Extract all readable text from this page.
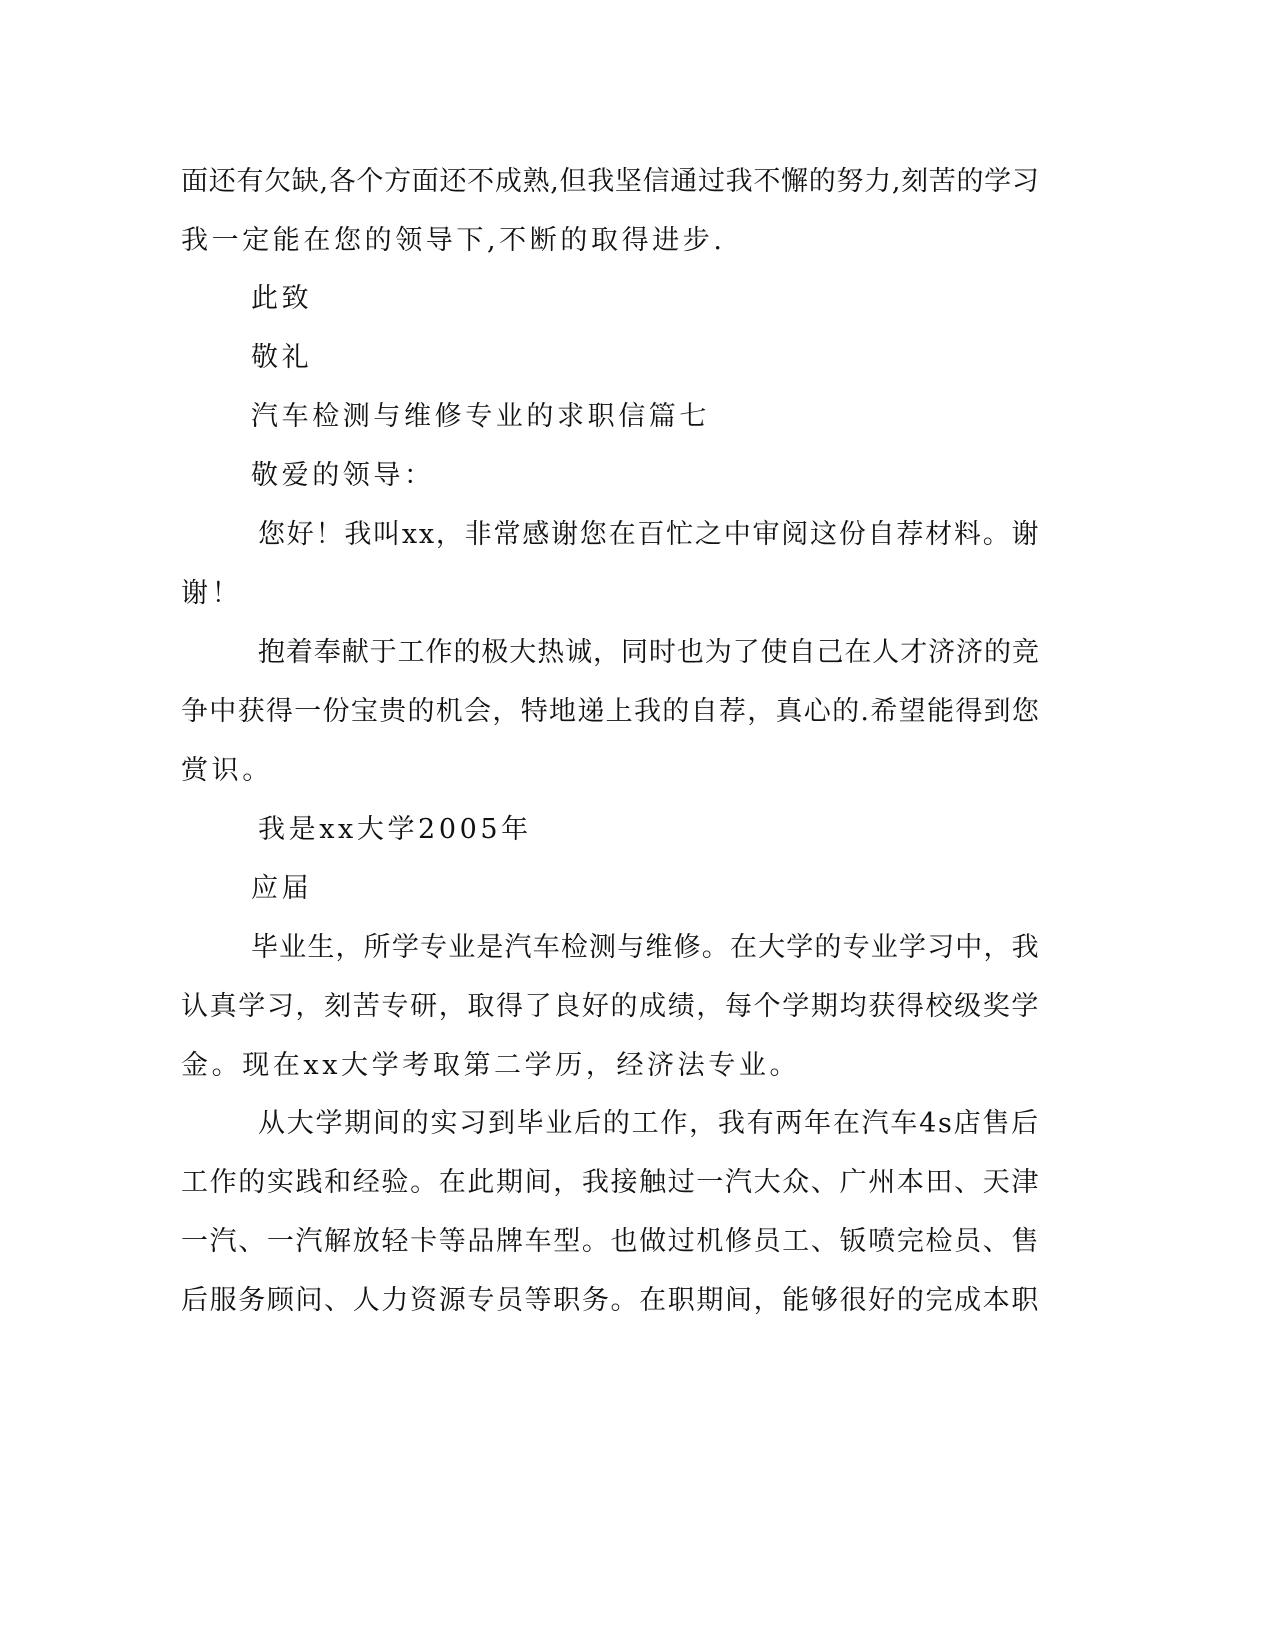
面还有欠缺,各个方面还不成熟,但我坚信通过我不懈的努力,刻苦的学习
我一定能在您的领导下,不断的取得进步.
此致
敬礼
汽车检测与维修专业的求职信篇七
敬爱的领导：
您好！我叫xx，非常感谢您在百忙之中审阅这份自荐材料。谢
谢！
抱着奉献于工作的极大热诚，同时也为了使自己在人才济济的竞
争中获得一份宝贵的机会，特地递上我的自荐，真心的.希望能得到您
赏识。
我是xx大学2005年
应届
毕业生，所学专业是汽车检测与维修。在大学的专业学习中，我
认真学习，刻苦专研，取得了良好的成绩，每个学期均获得校级奖学
金。现在xx大学考取第二学历，经济法专业。
从大学期间的实习到毕业后的工作，我有两年在汽车4s店售后
工作的实践和经验。在此期间，我接触过一汽大众、广州本田、天津
一汽、一汽解放轻卡等品牌车型。也做过机修员工、钣喷完检员、售
后服务顾问、人力资源专员等职务。在职期间，能够很好的完成本职
